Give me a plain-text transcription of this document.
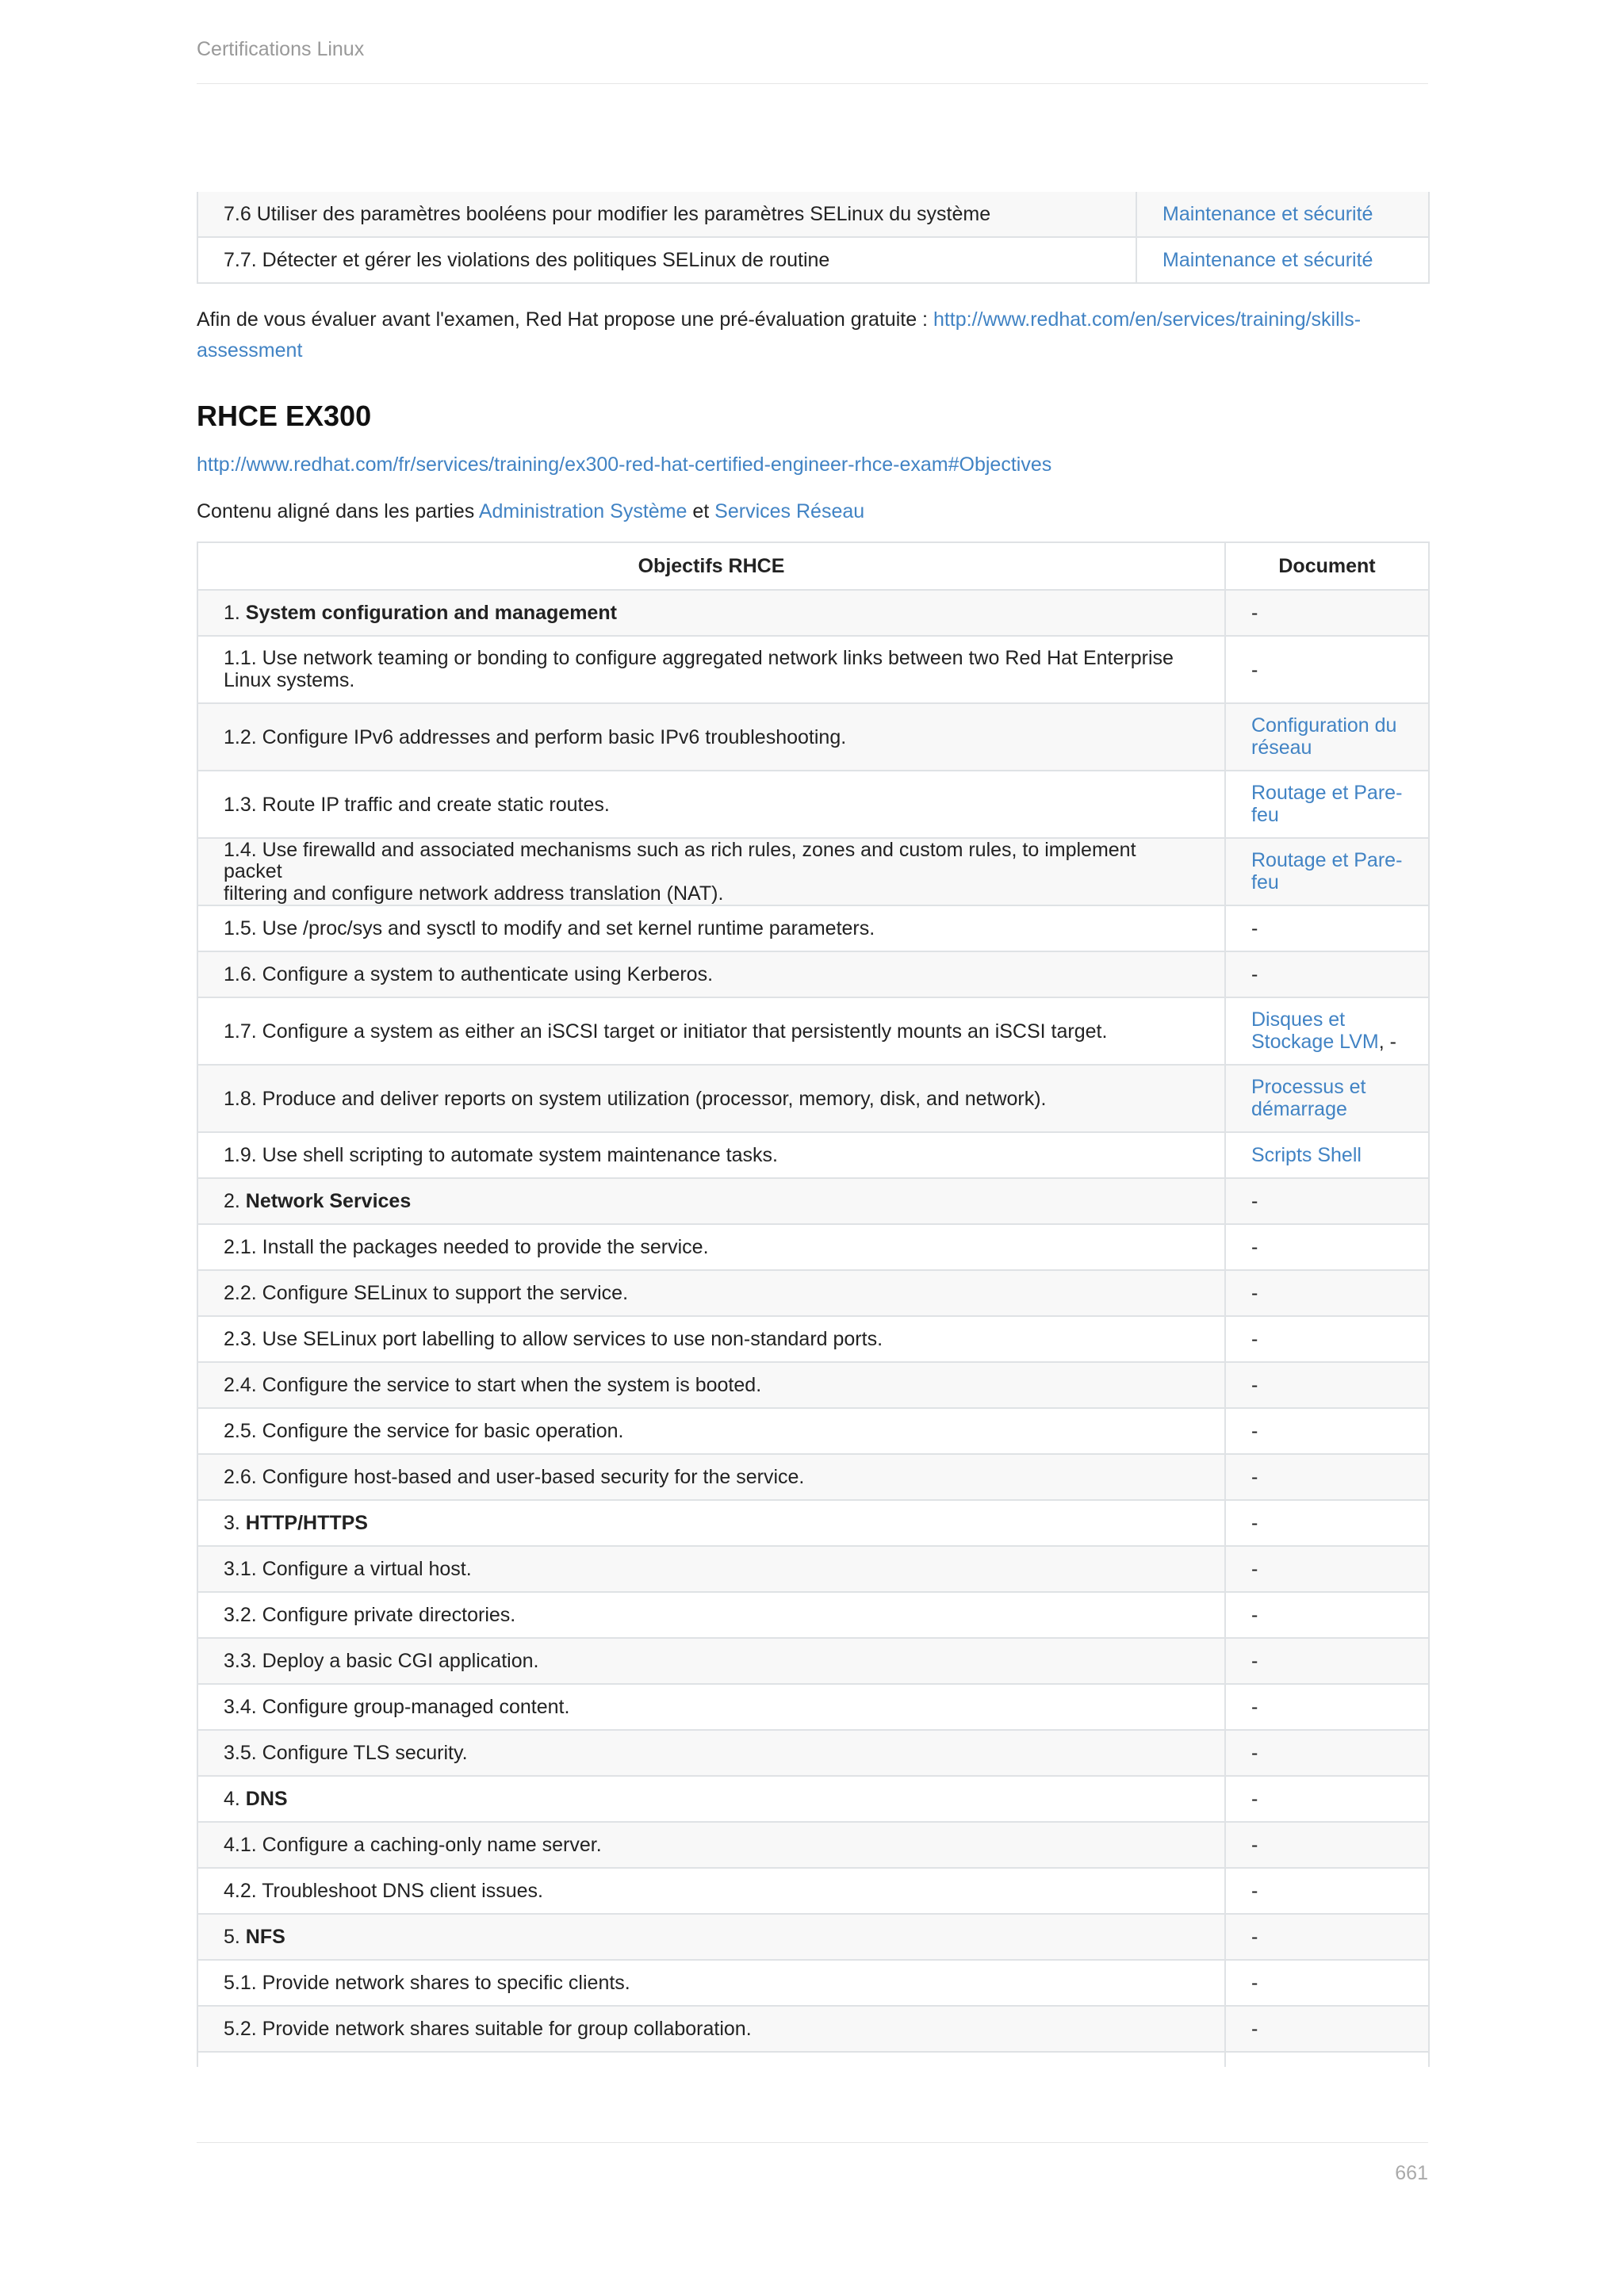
Certifications Linux
7.6 Utiliser des paramètres booléens pour modifier les paramètres SELinux du système	Maintenance et sécurité
7.7. Détecter et gérer les violations des politiques SELinux de routine	Maintenance et sécurité

Afin de vous évaluer avant l'examen, Red Hat propose une pré-évaluation gratuite : http://www.redhat.com/en/services/training/skills-
assessment

RHCE EX300

http://www.redhat.com/fr/services/training/ex300-red-hat-certified-engineer-rhce-exam#Objectives

Contenu aligné dans les parties Administration Système et Services Réseau

Objectifs RHCE	Document
1. System configuration and management	-
1.1. Use network teaming or bonding to configure aggregated network links between two Red Hat Enterprise
Linux systems.	-
1.2. Configure IPv6 addresses and perform basic IPv6 troubleshooting.	Configuration du
réseau
1.3. Route IP traffic and create static routes.	Routage et Pare-
feu
1.4. Use firewalld and associated mechanisms such as rich rules, zones and custom rules, to implement packet
filtering and configure network address translation (NAT).	Routage et Pare-
feu
1.5. Use /proc/sys and sysctl to modify and set kernel runtime parameters.	-
1.6. Configure a system to authenticate using Kerberos.	-
1.7. Configure a system as either an iSCSI target or initiator that persistently mounts an iSCSI target.	Disques et
Stockage LVM, -
1.8. Produce and deliver reports on system utilization (processor, memory, disk, and network).	Processus et
démarrage
1.9. Use shell scripting to automate system maintenance tasks.	Scripts Shell
2. Network Services	-
2.1. Install the packages needed to provide the service.	-
2.2. Configure SELinux to support the service.	-
2.3. Use SELinux port labelling to allow services to use non-standard ports.	-
2.4. Configure the service to start when the system is booted.	-
2.5. Configure the service for basic operation.	-
2.6. Configure host-based and user-based security for the service.	-
3. HTTP/HTTPS	-
3.1. Configure a virtual host.	-
3.2. Configure private directories.	-
3.3. Deploy a basic CGI application.	-
3.4. Configure group-managed content.	-
3.5. Configure TLS security.	-
4. DNS	-
4.1. Configure a caching-only name server.	-
4.2. Troubleshoot DNS client issues.	-
5. NFS	-
5.1. Provide network shares to specific clients.	-
5.2. Provide network shares suitable for group collaboration.	-

661
